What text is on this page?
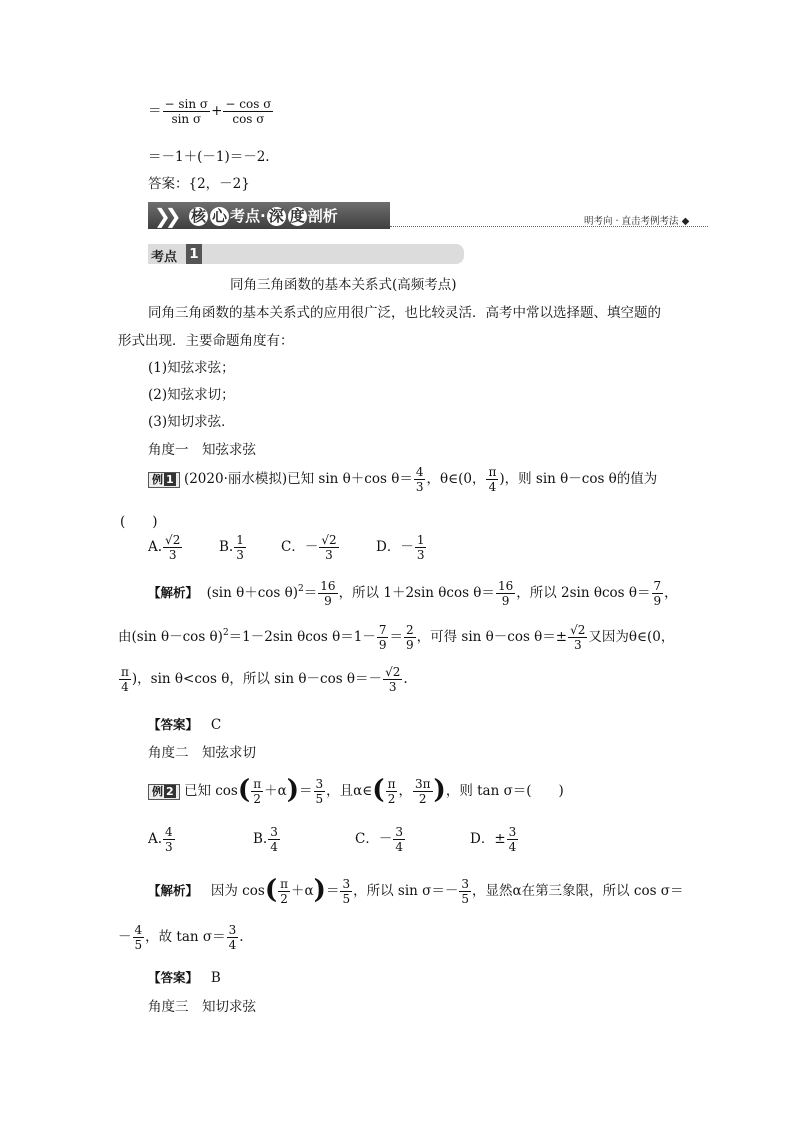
＝ $\frac{\text{− sin σ}}{\text{sin σ}} + \frac{\text{− cos σ}}{\text{cos σ}}$
＝－1＋(－1)＝－2.
答案：{2，－2}
❯❯ 核 心 考点· 深 度 剖析	明考向 · 直击考例考法 ◆
考点 1
同角三角函数的基本关系式(高频考点)
同角三角函数的基本关系式的应用很广泛，也比较灵活．高考中常以选择题、填空题的
形式出现．主要命题角度有：
(1)知弦求弦；
(2)知弦求切；
(3)知切求弦．
角度一　知弦求弦
例 1 (2020·丽水模拟)已知 sin θ＋cos $\theta= \frac{4}{3}$ ，θ∈(0， $\frac{\pi}{4}$ )，则 sin θ－cos θ的值为
(　　)
A. $\frac{√2}{3}$	B. $\frac{1}{3}$	C．－ $\frac{√2}{3}$	D．－ $\frac{1}{3}$
【解析】 (sin θ＋cos $\theta)^2= \frac{16}{9}$ ，所以 1＋2sin θcos $\theta= \frac{16}{9}$ ，所以 2sin θcos $\theta= \frac{7}{9}$ ，
由(sin θ－cos θ)$^2$＝1－2sin θcos $\theta=1- \frac{7}{9} = \frac{2}{9}$ ，可得 sin θ－cos $\theta=\pm \frac{√2}{3}$ 又因为θ∈(0，
$\frac{\pi}{4}$ )，sin θ<cos θ，所以 sin θ－cos $\theta=- \frac{√2}{3}$ .
【答案】 C
角度二　知弦求切
例 2 已知 $\cos( \frac{\pi}{2} +\alpha)= \frac{3}{5}$ ，且α∈( $\frac{\pi}{2}$ ， $\frac{3\pi}{2}$ )，则 tan σ＝(　　)
A. $\frac{4}{3}$	B. $\frac{3}{4}$	C．－ $\frac{3}{4}$	D．± $\frac{3}{4}$
【解析】 因为 $\cos( \frac{\pi}{2} +\alpha)= \frac{3}{5}$ ，所以 $\sin \sigma=- \frac{3}{5}$ ，显然α在第三象限，所以 cos σ＝
－ $\frac{4}{5}$ ，故 $\tan \sigma= \frac{3}{4}$ .
【答案】 B
角度三　知切求弦
